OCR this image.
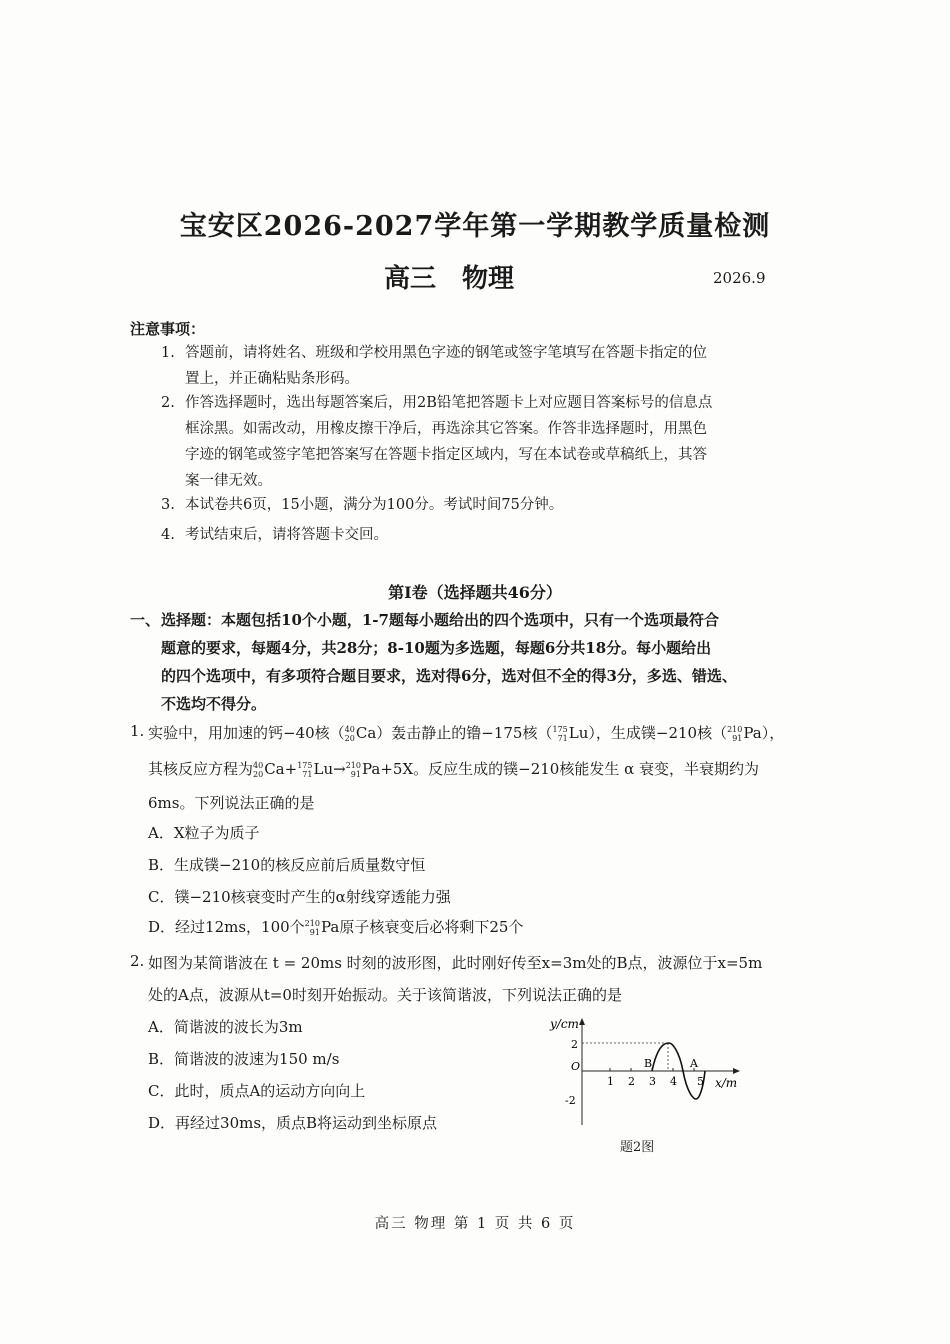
宝安区2026-2027学年第一学期教学质量检测
高三　物理	2026.9
注意事项：
1. 答题前，请将姓名、班级和学校用黑色字迹的钢笔或签字笔填写在答题卡指定的位
置上，并正确粘贴条形码。
2. 作答选择题时，选出每题答案后，用2B铅笔把答题卡上对应题目答案标号的信息点
框涂黑。如需改动，用橡皮擦干净后，再选涂其它答案。作答非选择题时，用黑色
字迹的钢笔或签字笔把答案写在答题卡指定区域内，写在本试卷或草稿纸上，其答
案一律无效。
3. 本试卷共6页，15小题，满分为100分。考试时间75分钟。
4. 考试结束后，请将答题卡交回。
第Ⅰ卷（选择题共46分）
一、 选择题：本题包括10个小题，1-7题每小题给出的四个选项中，只有一个选项最符合
题意的要求，每题4分，共28分；8-10题为多选题，每题6分共18分。每小题给出
的四个选项中，有多项符合题目要求，选对得6分，选对但不全的得3分，多选、错选、
不选均不得分。
1. 实验中，用加速的钙−40核（ 40
20 Ca）轰击静止的镥−175核（ 175
71 Lu），生成镤−210核（ 210
91 Pa），
其核反应方程为 40
20 Ca+ 175
71 Lu→ 210
91 Pa+5X。反应生成的镤−210核能发生 α 衰变，半衰期约为
6ms。下列说法正确的是
A．X粒子为质子
B．生成镤−210的核反应前后质量数守恒
C．镤−210核衰变时产生的α射线穿透能力强
D．经过12ms，100个 210
91 Pa原子核衰变后必将剩下25个
2. 如图为某简谐波在 t = 20ms 时刻的波形图，此时刚好传至x=3m处的B点，波源位于x=5m
处的A点，波源从t=0时刻开始振动。关于该简谐波，下列说法正确的是
A．简谐波的波长为3m
B．简谐波的波速为150 m/s
C．此时，质点A的运动方向向上
D．再经过30ms，质点B将运动到坐标原点
y/cm
2
-2
O
1 2 3 4 5
B	A
x/m
题2图
高三 物理 第 1 页 共 6 页
